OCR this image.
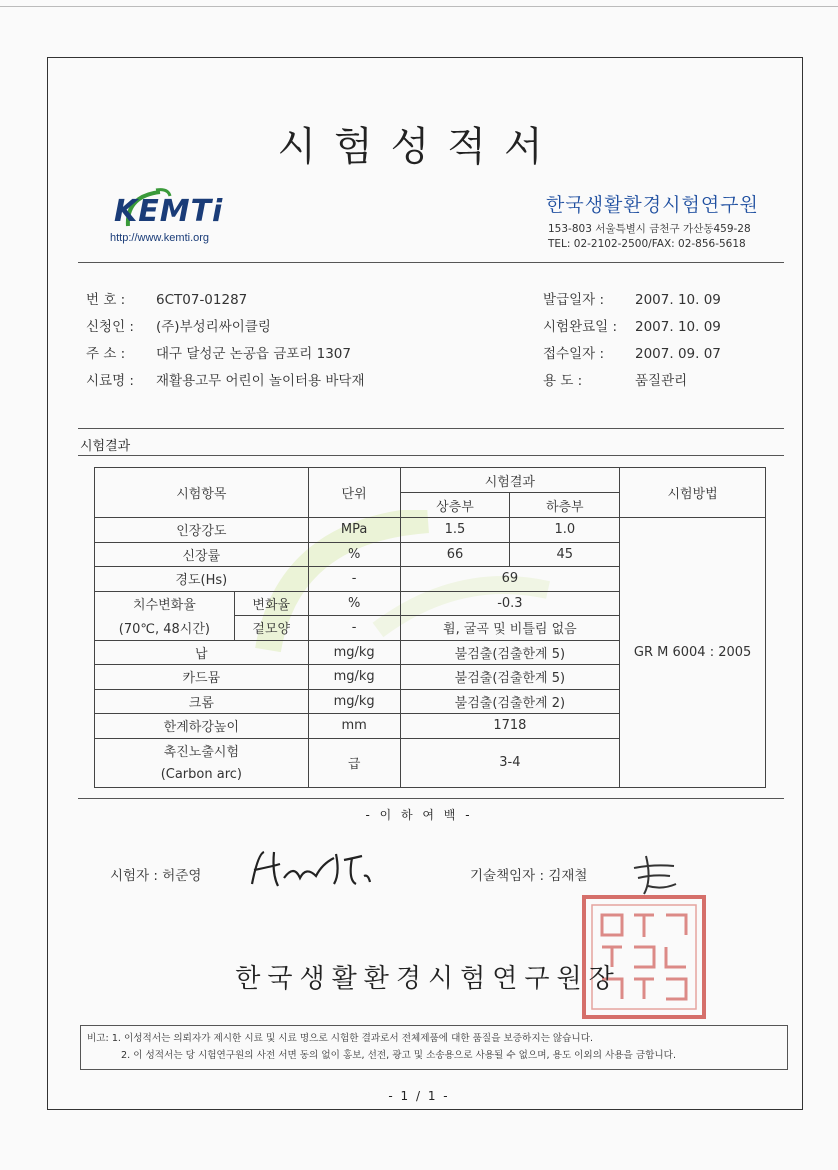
시험성적서
KEMTi
http://www.kemti.org
한국생활환경시험연구원
153-803 서울특별시 금천구 가산동459-28
TEL: 02-2102-2500/FAX: 02-856-5618
번 호 :	6CT07-01287
신청인 :	(주)부성리싸이클링
주 소 :	대구 달성군 논공읍 금포리 1307
시료명 :	재활용고무 어린이 놀이터용 바닥재
발급일자 :	2007. 10. 09
시험완료일 :	2007. 10. 09
접수일자 :	2007. 09. 07
용 도 :	품질관리
시험결과
시험항목		단위	시험결과		시험방법
			상층부	하층부	
인장강도		MPa	1.5	1.0	GR M 6004 : 2005
신장률		%	66	45	
경도(Hs)		-	69		
치수변화율	변화율	%	-0.3		
(70℃, 48시간)	겉모양	-	휨, 굴곡 및 비틀림 없음		
납		mg/kg	불검출(검출한계 5)		
카드뮴		mg/kg	불검출(검출한계 5)		
크롬		mg/kg	불검출(검출한계 2)		
한계하강높이		mm	1718		
촉진노출시험		급	3-4		
(Carbon arc)					
- 이 하 여 백 -
시험자 : 허준영	기술책임자 : 김재철
한국생활환경시험연구원장
비고: 1. 이성적서는 의뢰자가 제시한 시료 및 시료 명으로 시험한 결과로서 전체제품에 대한 품질을 보증하지는 않습니다.
2. 이 성적서는 당 시험연구원의 사전 서면 동의 없이 홍보, 선전, 광고 및 소송용으로 사용될 수 없으며, 용도 이외의 사용을 금합니다.
- 1 / 1 -
